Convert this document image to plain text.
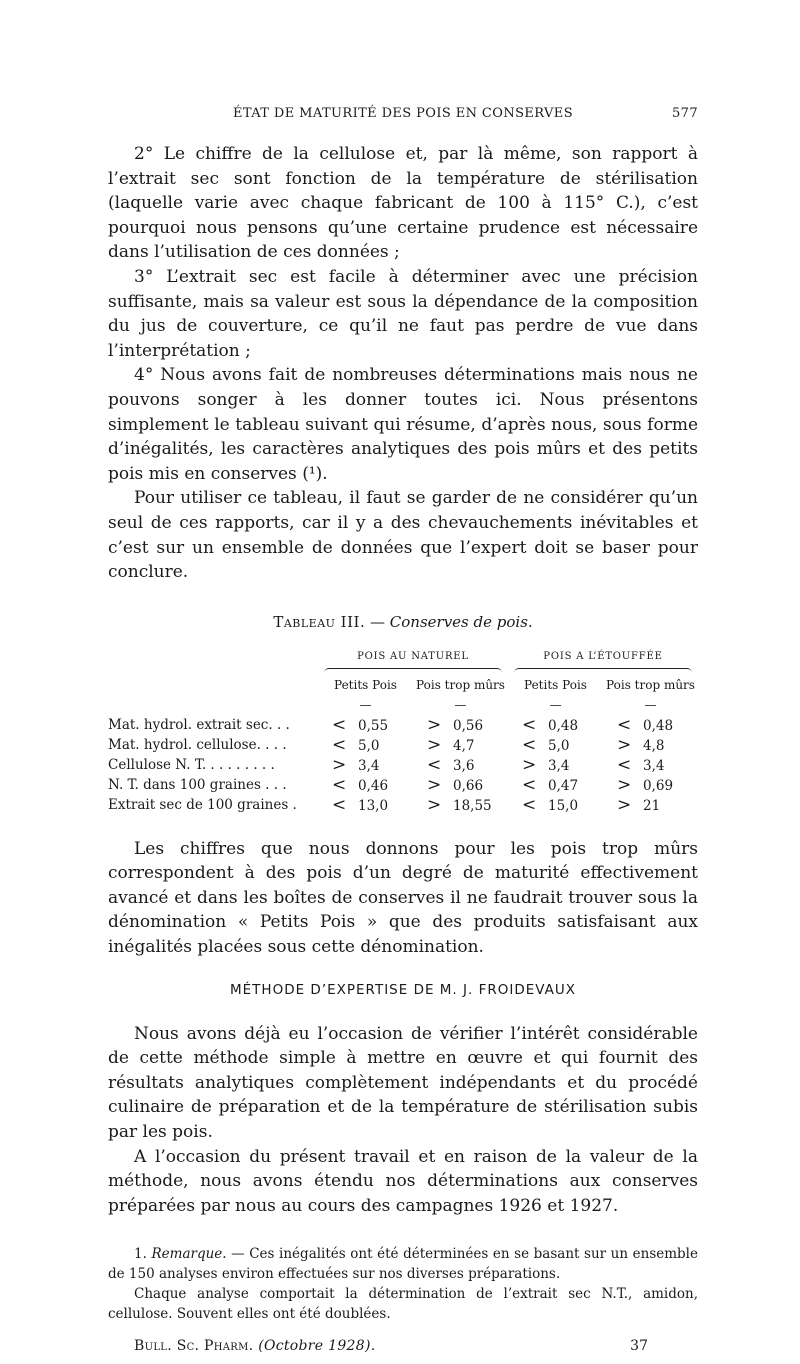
ÉTAT DE MATURITÉ DES POIS EN CONSERVES	577

2° Le chiffre de la cellulose et, par là même, son rapport à l’extrait sec sont fonction de la température de stérilisation (laquelle varie avec chaque fabricant de 100 à 115° C.), c’est pourquoi nous pensons qu’une certaine prudence est nécessaire dans l’utilisation de ces données ;

3° L’extrait sec est facile à déterminer avec une précision suffisante, mais sa valeur est sous la dépendance de la composition du jus de couverture, ce qu’il ne faut pas perdre de vue dans l’interprétation ;

4° Nous avons fait de nombreuses déterminations mais nous ne pouvons songer à les donner toutes ici. Nous présentons simplement le tableau suivant qui résume, d’après nous, sous forme d’inégalités, les caractères analytiques des pois mûrs et des petits pois mis en conserves (¹).

Pour utiliser ce tableau, il faut se garder de ne considérer qu’un seul de ces rapports, car il y a des chevauchements inévitables et c’est sur un ensemble de données que l’expert doit se baser pour conclure.

Tableau III. — Conserves de pois.

	POIS AU NATUREL		POIS A L’ÉTOUFFÉE	

	Petits Pois	Pois trop mûrs	Petits Pois	Pois trop mûrs
	—	—	—	—
Mat. hydrol. extrait sec. . .	< 0,55	> 0,56	< 0,48	< 0,48
Mat. hydrol. cellulose. . . .	< 5,0	> 4,7	< 5,0	> 4,8
Cellulose N. T. . . . . . . . .	> 3,4	< 3,6	> 3,4	< 3,4
N. T. dans 100 graines . . .	< 0,46	> 0,66	< 0,47	> 0,69
Extrait sec de 100 graines .	< 13,0	> 18,55	< 15,0	> 21

Les chiffres que nous donnons pour les pois trop mûrs correspondent à des pois d’un degré de maturité effectivement avancé et dans les boîtes de conserves il ne faudrait trouver sous la dénomination « Petits Pois » que des produits satisfaisant aux inégalités placées sous cette dénomination.

MÉTHODE D’EXPERTISE DE M. J. FROIDEVAUX

Nous avons déjà eu l’occasion de vérifier l’intérêt considérable de cette méthode simple à mettre en œuvre et qui fournit des résultats analytiques complètement indépendants et du procédé culinaire de préparation et de la température de stérilisation subis par les pois.

A l’occasion du présent travail et en raison de la valeur de la méthode, nous avons étendu nos déterminations aux conserves préparées par nous au cours des campagnes 1926 et 1927.

1. Remarque. — Ces inégalités ont été déterminées en se basant sur un ensemble de 150 analyses environ effectuées sur nos diverses préparations.

Chaque analyse comportait la détermination de l’extrait sec N.T., amidon, cellulose. Souvent elles ont été doublées.

Bull. Sc. Pharm. (Octobre 1928).	37
